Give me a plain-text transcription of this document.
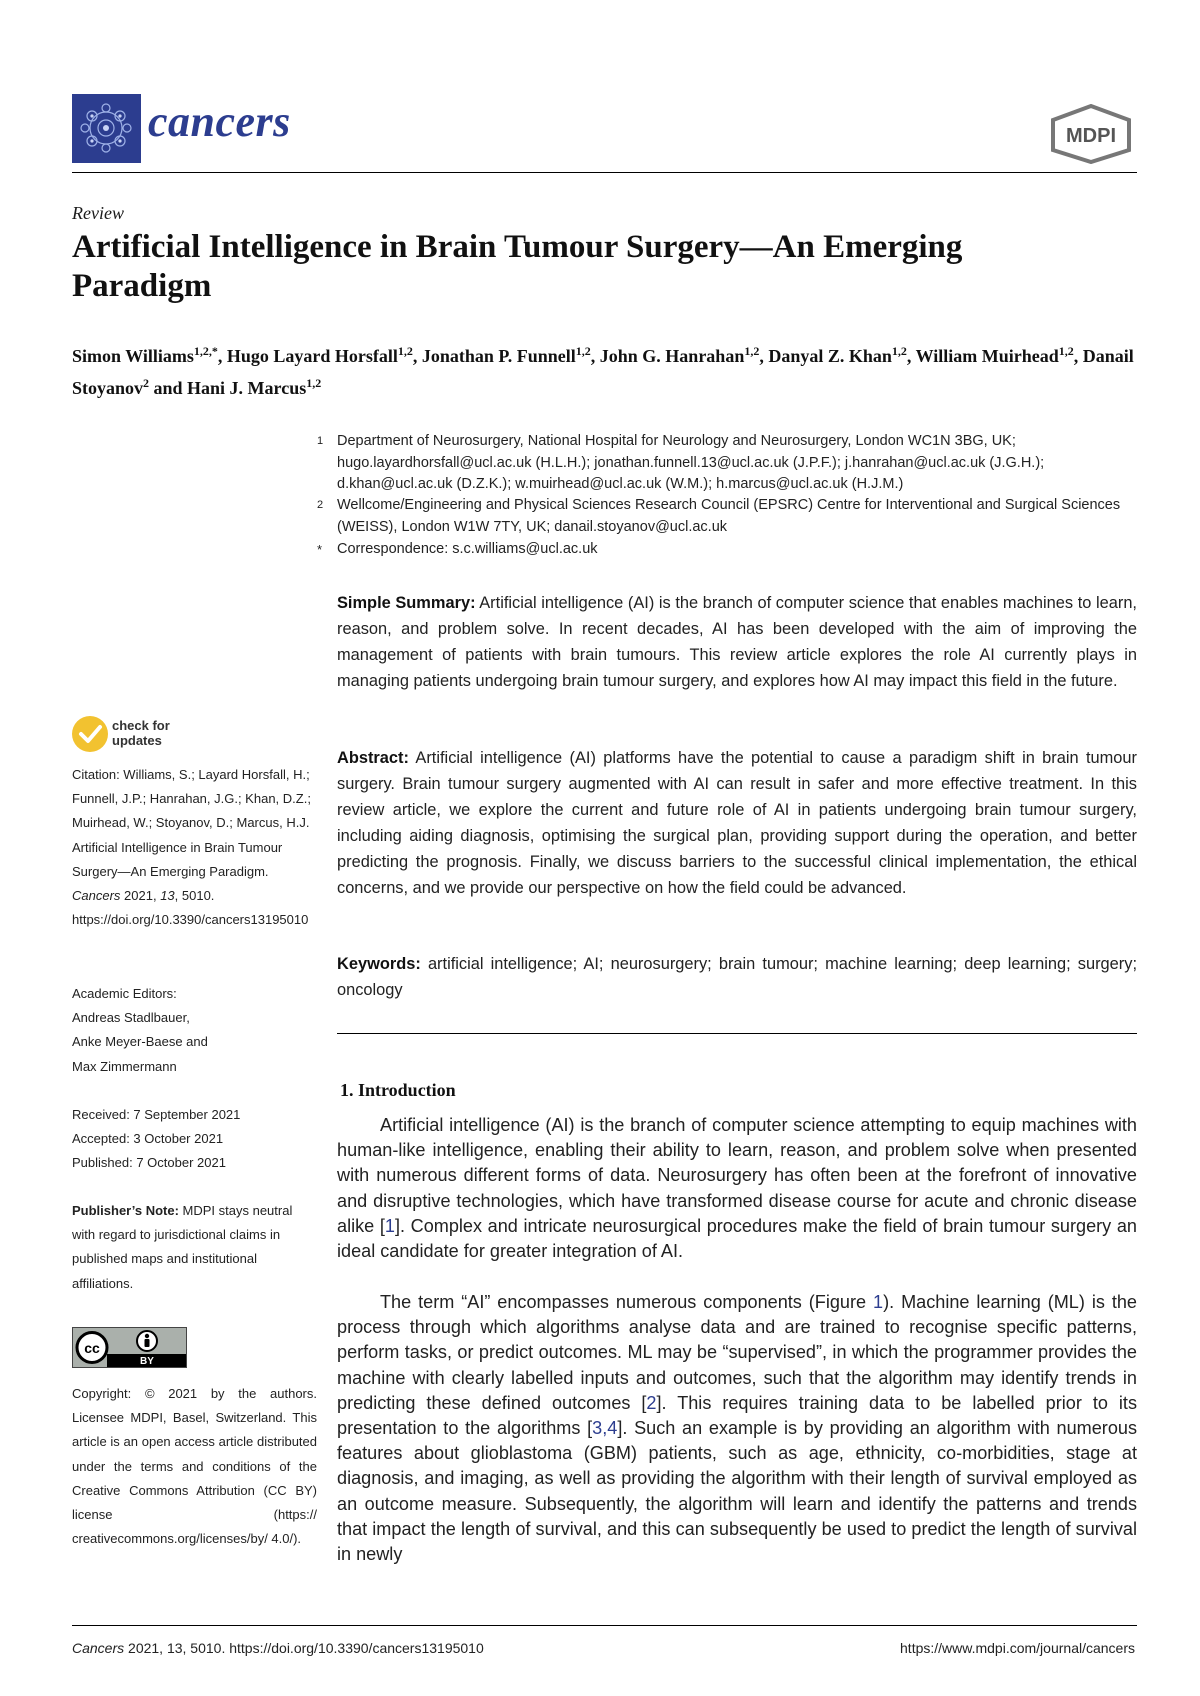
cancers	MDPI
Review
Artificial Intelligence in Brain Tumour Surgery—An Emerging Paradigm
Simon Williams$^{1,2,*}$, Hugo Layard Horsfall$^{1,2}$, Jonathan P. Funnell$^{1,2}$, John G. Hanrahan$^{1,2}$, Danyal Z. Khan$^{1,2}$, William Muirhead$^{1,2}$, Danail Stoyanov$^2$ and Hani J. Marcus$^{1,2}$
1 Department of Neurosurgery, National Hospital for Neurology and Neurosurgery, London WC1N 3BG, UK; hugo.layardhorsfall@ucl.ac.uk (H.L.H.); jonathan.funnell.13@ucl.ac.uk (J.P.F.); j.hanrahan@ucl.ac.uk (J.G.H.); d.khan@ucl.ac.uk (D.Z.K.); w.muirhead@ucl.ac.uk (W.M.); h.marcus@ucl.ac.uk (H.J.M.)
2 Wellcome/Engineering and Physical Sciences Research Council (EPSRC) Centre for Interventional and Surgical Sciences (WEISS), London W1W 7TY, UK; danail.stoyanov@ucl.ac.uk
* Correspondence: s.c.williams@ucl.ac.uk
Simple Summary: Artificial intelligence (AI) is the branch of computer science that enables machines to learn, reason, and problem solve. In recent decades, AI has been developed with the aim of improving the management of patients with brain tumours. This review article explores the role AI currently plays in managing patients undergoing brain tumour surgery, and explores how AI may impact this field in the future.
Abstract: Artificial intelligence (AI) platforms have the potential to cause a paradigm shift in brain tumour surgery. Brain tumour surgery augmented with AI can result in safer and more effective treatment. In this review article, we explore the current and future role of AI in patients undergoing brain tumour surgery, including aiding diagnosis, optimising the surgical plan, providing support during the operation, and better predicting the prognosis. Finally, we discuss barriers to the successful clinical implementation, the ethical concerns, and we provide our perspective on how the field could be advanced.
Keywords: artificial intelligence; AI; neurosurgery; brain tumour; machine learning; deep learning; surgery; oncology
1. Introduction
Artificial intelligence (AI) is the branch of computer science attempting to equip machines with human-like intelligence, enabling their ability to learn, reason, and problem solve when presented with numerous different forms of data. Neurosurgery has often been at the forefront of innovative and disruptive technologies, which have transformed disease course for acute and chronic disease alike [1]. Complex and intricate neurosurgical procedures make the field of brain tumour surgery an ideal candidate for greater integration of AI.
The term “AI” encompasses numerous components (Figure 1). Machine learning (ML) is the process through which algorithms analyse data and are trained to recognise specific patterns, perform tasks, or predict outcomes. ML may be “supervised”, in which the programmer provides the machine with clearly labelled inputs and outcomes, such that the algorithm may identify trends in predicting these defined outcomes [2]. This requires training data to be labelled prior to its presentation to the algorithms [3,4]. Such an example is by providing an algorithm with numerous features about glioblastoma (GBM) patients, such as age, ethnicity, co-morbidities, stage at diagnosis, and imaging, as well as providing the algorithm with their length of survival employed as an outcome measure. Subsequently, the algorithm will learn and identify the patterns and trends that impact the length of survival, and this can subsequently be used to predict the length of survival in newly
check for
updates
Citation: Williams, S.; Layard Horsfall, H.; Funnell, J.P.; Hanrahan, J.G.; Khan, D.Z.; Muirhead, W.; Stoyanov, D.; Marcus, H.J. Artificial Intelligence in Brain Tumour Surgery—An Emerging Paradigm. Cancers 2021, 13, 5010. https://doi.org/10.3390/cancers13195010
Academic Editors:
Andreas Stadlbauer,
Anke Meyer-Baese and
Max Zimmermann
Received: 7 September 2021
Accepted: 3 October 2021
Published: 7 October 2021
Publisher’s Note: MDPI stays neutral with regard to jurisdictional claims in published maps and institutional affiliations.
cc
BY
Copyright: © 2021 by the authors. Licensee MDPI, Basel, Switzerland. This article is an open access article distributed under the terms and conditions of the Creative Commons Attribution (CC BY) license (https:// creativecommons.org/licenses/by/ 4.0/).
Cancers 2021, 13, 5010. https://doi.org/10.3390/cancers13195010	https://www.mdpi.com/journal/cancers
